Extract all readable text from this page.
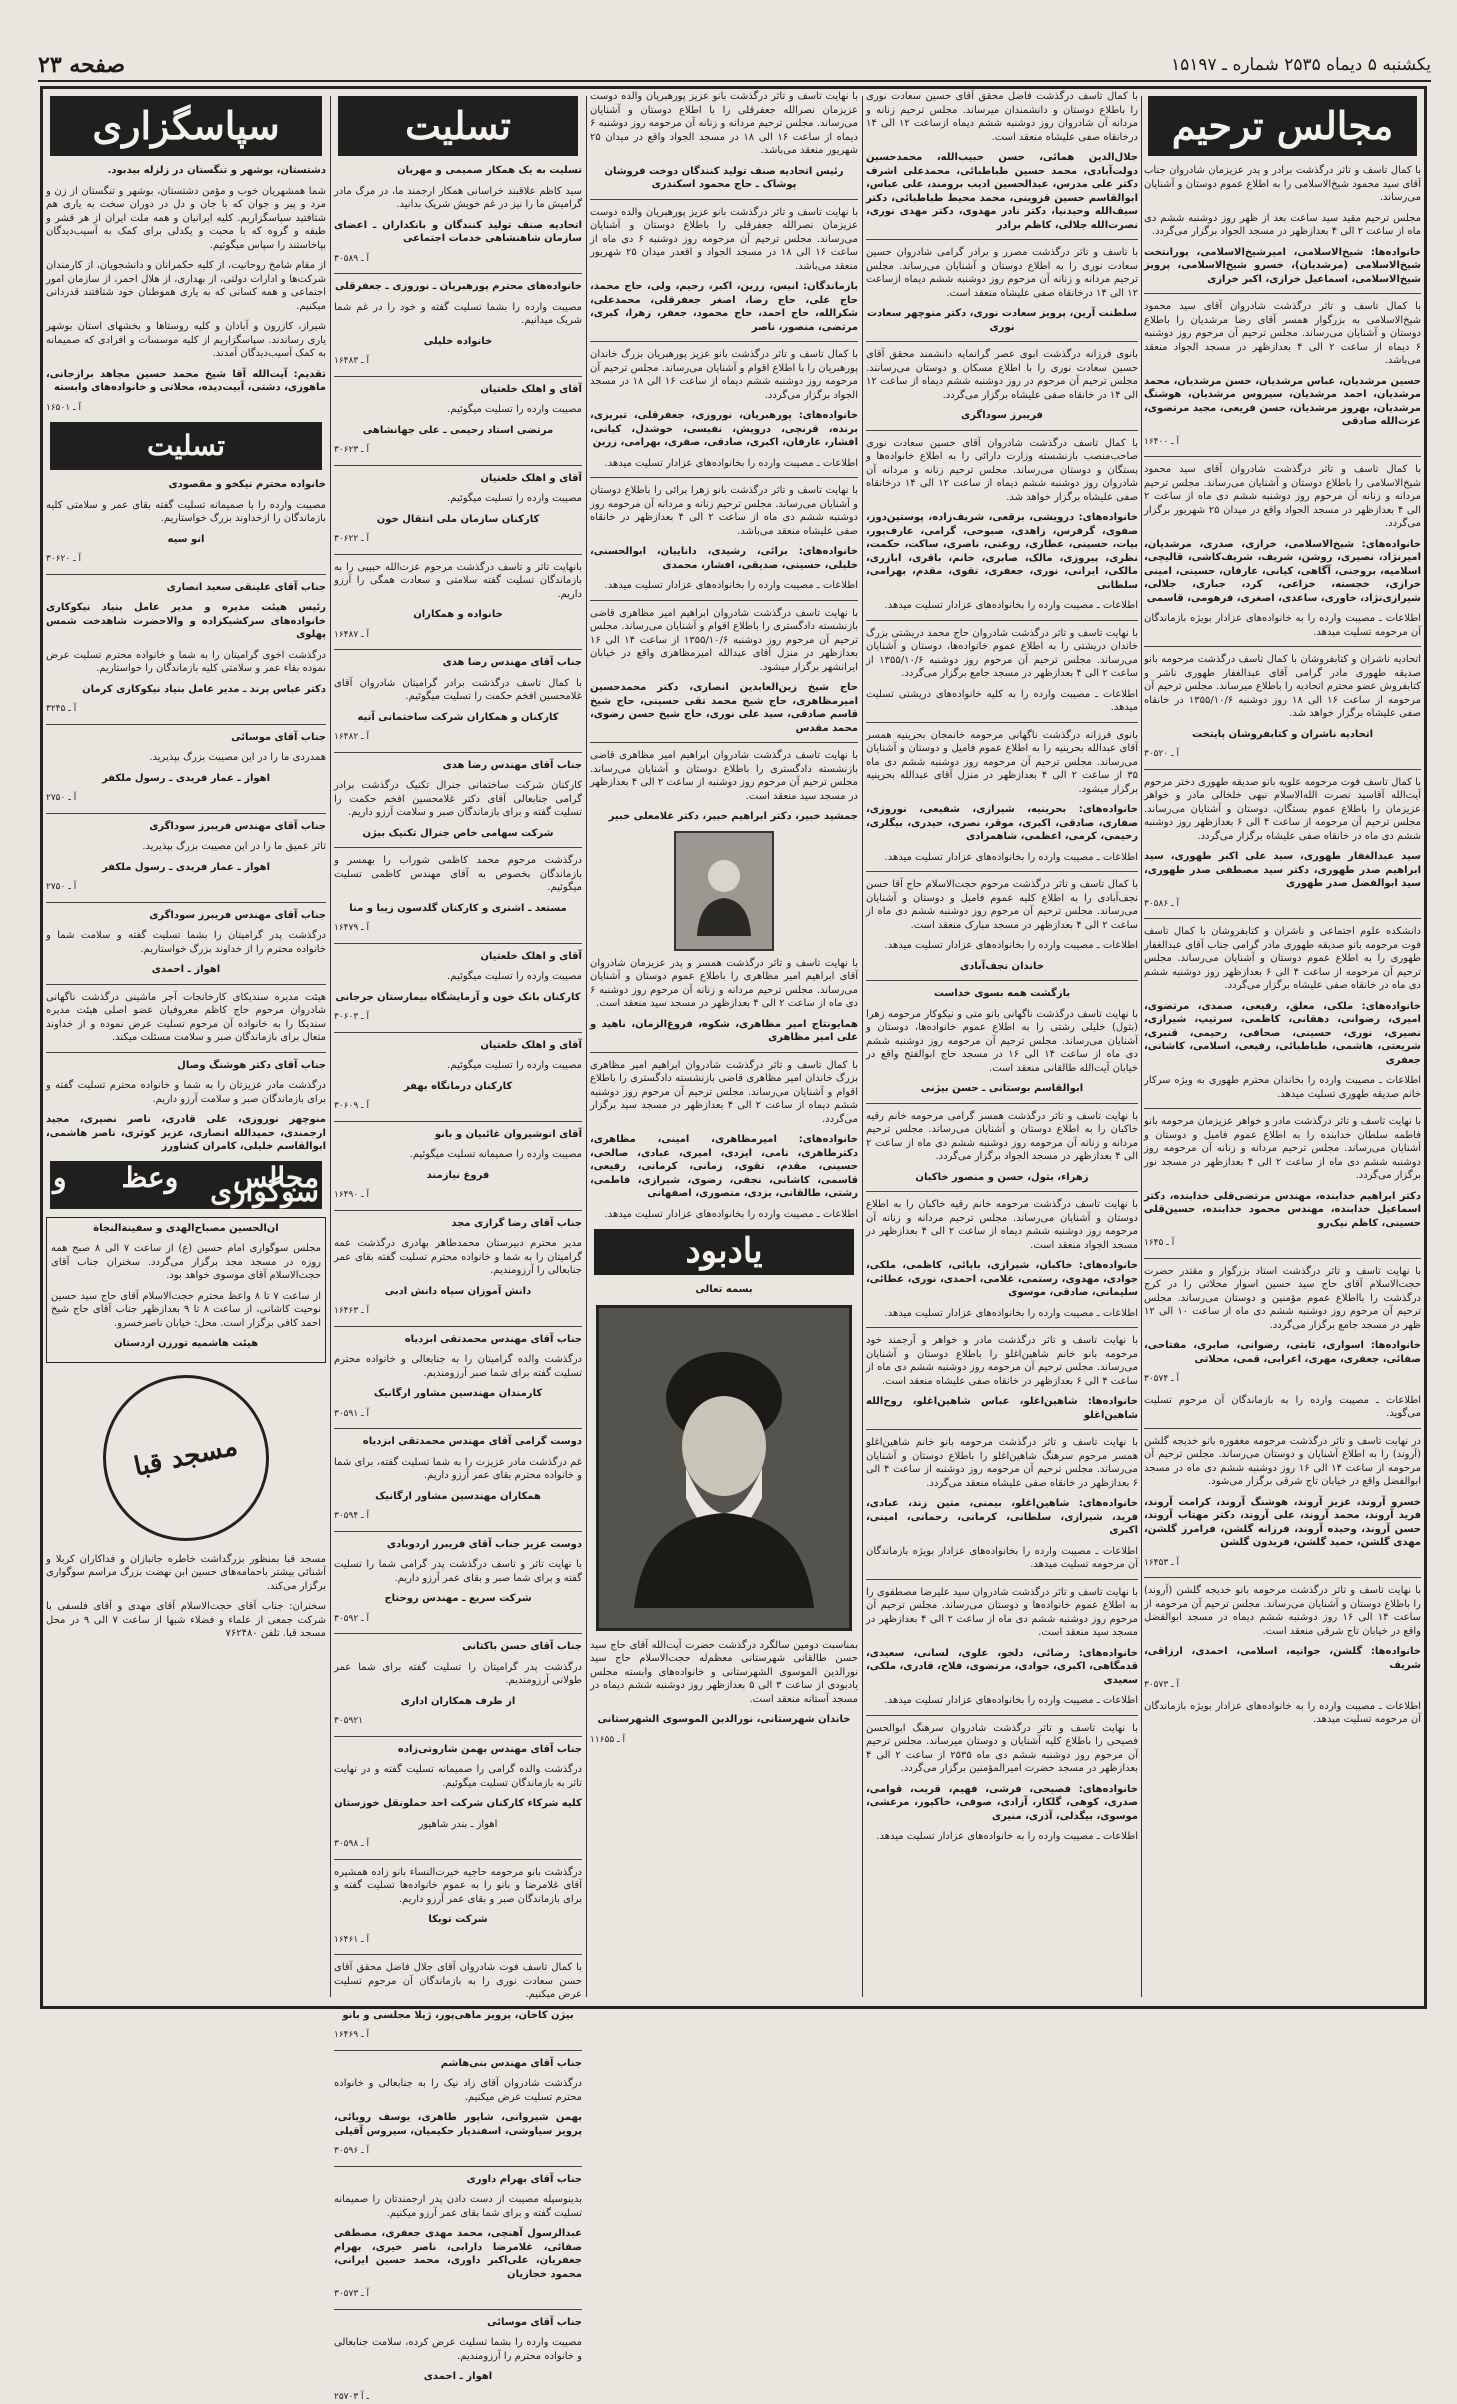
صفحه ۲۳	یکشنبه ۵ دیماه ۲۵۳۵ شماره ـ ۱۵۱۹۷
مجالس ترحیم

با کمال تاسف و تاثر درگذشت برادر و پدر عزیزمان شادروان جناب آقای سید محمود شیخ‌الاسلامی را به اطلاع عموم دوستان و آشنایان می‌رساند.

مجلس ترحیم مقید سید ساعت بعد از ظهر روز دوشنبه ششم دی ماه از ساعت ۲ الی ۴ بعدازظهر در مسجد الجواد برگزار می‌گردد.

خانواده‌ها: شیخ‌الاسلامی، امیرشیخ‌الاسلامی، پورانتخت شیخ‌الاسلامی (مرشدیان)، خسرو شیخ‌الاسلامی، پرویز شیخ‌الاسلامی، اسماعیل خرازی، اکبر خرازی

با کمال تاسف و تاثر درگذشت شادروان آقای سید محمود شیخ‌الاسلامی به بزرگوار همسر آقای رضا مرشدیان را باطلاع دوستان و آشنایان می‌رساند. مجلس ترحیم آن مرحوم روز دوشنبه ۶ دیماه از ساعت ۲ الی ۴ بعدازظهر در مسجد الجواد منعقد می‌باشد.

حسین مرشدیان، عباس مرشدیان، حسن مرشدیان، محمد مرشدیان، احمد مرشدیان، سیروس مرشدیان، هوشنگ مرشدیان، بهروز مرشدیان، حسن فریعی، مجید مرتضوی، عزت‌الله صادقی

آ ـ ۱۶۴۰۰

با کمال تاسف و تاثر درگذشت شادروان آقای سید محمود شیخ‌الاسلامی را باطلاع دوستان و آشنایان می‌رساند. مجلس ترحیم مردانه و زنانه آن مرحوم روز دوشنبه ششم دی ماه از ساعت ۲ الی ۴ بعدازظهر در مسجد الجواد واقع در میدان ۲۵ شهریور برگزار می‌گردد.

خانواده‌های: شیخ‌الاسلامی، خرازی، صدری، مرشدیان، امیرنژاد، نصیری، روشن، شریف، شریف‌کاشی، قالیچی، اسلامیه، بروجنی، آگاهی، کیانی، عارفان، حسینی، امینی خرازی، خجسته، خزاعی، کرد، جباری، جلالی، شیرازی‌نژاد، خاوری، ساعدی، اصغری، فرهومی، قاسمی

اطلاعات ـ مصیبت وارده را به خانواده‌های عزادار بویژه بازماندگان آن مرحومه تسلیت میدهد.

اتحادیه ناشران و کتابفروشان با کمال تاسف درگذشت مرحومه بانو صدیقه طهوری مادر گرامی آقای عبدالغفار طهوری ناشر و کتابفروش عضو محترم اتحادیه را باطلاع میرساند. مجلس ترحیم آن مرحومه از ساعت ۱۶ الی ۱۸ روز دوشنبه ۱۳۵۵/۱۰/۶ در خانقاه صفی علیشاه برگزار خواهد شد.

اتحادیه ناشران و کتابفروشان پایتخت

آ ـ ۳۰۵۲۰

با کمال تاسف فوت مرحومه علویه بانو صدیقه طهوری دختر مرحوم آیت‌الله آقاسید نصرت الله‌الاسلام نبهی خلخالی مادر و خواهر عزیزمان را باطلاع عموم بستگان، دوستان و آشنایان می‌رساند. مجلس ترحیم آن مرحومه از ساعت ۴ الی ۶ بعدازظهر روز دوشنبه ششم دی ماه در خانقاه صفی علیشاه برگزار می‌گردد.

سید عبدالغفار طهوری، سید علی اکبر طهوری، سید ابراهیم صدر طهوری، دکتر سید مصطفی صدر طهوری، سید ابوالفضل صدر طهوری

آ ـ ۳۰۵۸۶

دانشکده علوم اجتماعی و ناشران و کتابفروشان با کمال تاسف فوت مرحومه بانو صدیقه طهوری مادر گرامی جناب آقای عبدالغفار طهوری را به اطلاع عموم دوستان و آشنایان می‌رساند. مجلس ترحیم آن مرحومه از ساعت ۴ الی ۶ بعدازظهر روز دوشنبه ششم دی ماه در خانقاه صفی علیشاه برگزار می‌گردد.

خانواده‌های: ملکی، معلق، رفیعی، صمدی، مرتضوی، امیری، رضوانی، دهقانی، کاظمی، سرتیپ، شیرازی، نصیری، نوری، حسینی، صحافی، رحیمی، قنبری، شریعتی، هاشمی، طباطبائی، رفیعی، اسلامی، کاشانی، جعفری

اطلاعات ـ مصیبت وارده را بخاندان محترم طهوری به ویژه سرکار خانم صدیقه طهوری تسلیت میدهد.

با نهایت تاسف و تاثر درگذشت مادر و خواهر عزیزمان مرحومه بانو فاطمه سلطان خدابنده را به اطلاع عموم فامیل و دوستان و آشنایان می‌رساند. مجلس ترحیم مردانه و زنانه آن مرحومه روز دوشنبه ششم دی ماه از ساعت ۲ الی ۴ بعدازظهر در مسجد نور برگزار می‌گردد.

دکتر ابراهیم خدابنده، مهندس مرتضی‌قلی خدابنده، دکتر اسماعیل خدابنده، مهندس محمود خدابنده، حسین‌قلی حسینی، کاظم نیک‌رو

آ ـ ۱۶۴۵

با نهایت تاسف و تاثر درگذشت استاد بزرگوار و مقتدر حضرت حجت‌الاسلام آقای حاج سید حسین اسوار محلاتی را در کرج درگذشت را بااطلاع عموم مؤمنین و دوستان می‌رساند. مجلس ترحیم آن مرحوم روز دوشنبه ششم دی ماه از ساعت ۱۰ الی ۱۲ ظهر در مسجد جامع برگزار می‌گردد.

خانواده‌ها: اسواری، ثابتی، رضوانی، صابری، مفتاحی، صفائی، جعفری، مهری، اعرابی، قمی، محلاتی

آ ـ ۳۰۵۷۴

اطلاعات ـ مصیبت وارده را به بازماندگان آن مرحوم تسلیت می‌گوید.

در نهایت تاسف و تاثر درگذشت مرحومه مغفوره بانو خدیجه گلشن (آروند) را به اطلاع آشنایان و دوستان می‌رساند. مجلس ترحیم آن مرحومه از ساعت ۱۴ الی ۱۶ روز دوشنبه ششم دی ماه در مسجد ابوالفضل واقع در خیابان تاج شرقی برگزار می‌شود.

خسرو آروند، عزیز آروند، هوشنگ آروند، کرامت آروند، فرید آروند، محمد آروند، علی آروند، دکتر مهتاب آروند، حسن آروند، وحیده آروند، فرزانه گلشن، فرامرز گلشن، مهدی گلشن، حمید گلشن، فریدون گلشن

آ ـ ۱۶۴۵۳

با نهایت تاسف و تاثر درگذشت مرحومه بانو خدیجه گلشن (آروند) را باطلاع دوستان و آشنایان می‌رساند. مجلس ترحیم آن مرحومه از ساعت ۱۴ الی ۱۶ روز دوشنبه ششم دیماه در مسجد ابوالفضل واقع در خیابان تاج شرقی منعقد است.

خانواده‌ها: گلشن، جوانیه، اسلامی، احمدی، ارزاقی، شریف

آ ـ ۳۰۵۷۳

اطلاعات ـ مصیبت وارده را به خانواده‌های عزادار بویژه بازماندگان آن مرحومه تسلیت میدهد.

با کمال تاسف درگذشت فاضل محقق آقای حسین سعادت نوری را باطلاع دوستان و دانشمندان میرساند. مجلس ترحیم زنانه و مردانه آن شادروان روز دوشنبه ششم دیماه ازساعت ۱۲ الی ۱۴ درخانقاه صفی علیشاه منعقد است.

جلال‌الدین همائی، حسن حبیب‌الله، محمدحسین دولت‌آبادی، محمد حسین طباطبائی، محمدعلی اشرف دکتر علی مدرس، عبدالحسین ادیب برومند، علی عباس، ابوالقاسم حسین قزوینی، محمد محیط طباطبائی، دکتر سیف‌الله وحیدنیا، دکتر نادر مهدوی، دکتر مهدی نوری، نصرت‌الله جلالی، کاظم برادر

با تاسف و تاثر درگذشت مصرر و برادر گرامی شادروان حسین سعادت نوری را به اطلاع دوستان و آشنایان می‌رساند. مجلس ترحیم مردانه و زنانه آن مرحوم روز دوشنبه ششم دیماه ازساعت ۱۲ الی ۱۴ درخانقاه صفی علیشاه منعقد است.

سلطنت آرین، پرویز سعادت نوری، دکتر منوچهر سعادت نوری

بانوی فرزانه درگذشت ابوی عصر گرانمایه دانشمند محقق آقای حسین سعادت نوری را با اطلاع مسکان و دوستان می‌رسانند. مجلس ترحیم آن مرحوم در روز دوشنبه ششم دیماه از ساعت ۱۲ الی ۱۴ در خانقاه صفی علیشاه برگزار می‌گردد.

فریبرز سوداگری

با کمال تاسف درگذشت شادروان آقای حسین سعادت نوری صاحب‌منصب بازنشسته وزارت دارائی را به اطلاع خانواده‌ها و بستگان و دوستان می‌رساند. مجلس ترحیم زنانه و مردانه آن شادروان روز دوشنبه ششم دیماه از ساعت ۱۲ الی ۱۴ درخانقاه صفی علیشاه برگزار خواهد شد.

خانواده‌های: درویشی، برقعی، شریف‌زاده، پوستین‌دوز، صفوی، گرفرس، زاهدی، صبوحی، گرامی، عارف‌پور، بیات، حسینی، عطاری، روغنی، ناصری، ساکت، حکمت، نظری، پیروزی، مالک، صابری، خانم، باقری، ابازری، مالکی، ایرانی، نوری، جعفری، تقوی، مقدم، بهرامی، سلطانی

اطلاعات ـ مصیبت وارده را بخانواده‌های عزادار تسلیت میدهد.

با نهایت تاسف و تاثر درگذشت شادروان حاج محمد دریشتی بزرگ خاندان دریشتی را به اطلاع عموم خانواده‌ها، دوستان و آشنایان می‌رساند. مجلس ترحیم آن مرحوم روز دوشنبه ۱۳۵۵/۱۰/۶ از ساعت ۲ الی ۴ بعدازظهر در مسجد جامع برگزار می‌گردد.

اطلاعات ـ مصیبت وارده را به کلیه خانواده‌های دریشتی تسلیت میدهد.

بانوی فرزانه درگذشت ناگهانی مرحومه خانمجان بحرینیه همسر آقای عبدالله بحرینیه را به اطلاع عموم فامیل و دوستان و آشنایان می‌رساند. مجلس ترحیم آن مرحومه روز دوشنبه ششم دی ماه ۳۵ از ساعت ۲ الی ۴ بعدازظهر در منزل آقای عبدالله بحرینیه برگزار میشود.

خانواده‌های: بحرینیه، شیرازی، شفیعی، نوروزی، صفاری، صادقی، اکبری، موقر، نصری، حیدری، بیگلری، رحیمی، کرمی، اعظمی، شاهمرادی

اطلاعات ـ مصیبت وارده را بخانواده‌های عزادار تسلیت میدهد.

با کمال تاسف و تاثر درگذشت مرحوم حجت‌الاسلام حاج آقا حسن نجف‌آبادی را به اطلاع کلیه عموم فامیل و دوستان و آشنایان می‌رساند. مجلس ترحیم آن مرحوم روز دوشنبه ششم دی ماه از ساعت ۲ الی ۴ بعدازظهر در مسجد مبارک منعقد است.

اطلاعات ـ مصیبت وارده را بخانواده‌های عزادار تسلیت میدهد.

خاندان نجف‌آبادی

بازگشت همه بسوی خداست

با نهایت تاسف درگذشت ناگهانی بانو متی و نیکوکار مرحومه زهرا (بتول) خلیلی رشتی را به اطلاع عموم خانواده‌ها، دوستان و آشنایان می‌رساند. مجلس ترحیم آن مرحومه روز دوشنبه ششم دی ماه از ساعت ۱۴ الی ۱۶ در مسجد حاج ابوالفتح واقع در خیابان آیت‌الله طالقانی منعقد است.

ابوالقاسم بوستانی ـ حسن بیژنی

با نهایت تاسف و تاثر درگذشت همسر گرامی مرحومه خانم رقیه خاکبان را به اطلاع دوستان و آشنایان می‌رساند. مجلس ترحیم مردانه و زنانه آن مرحومه روز دوشنبه ششم دی ماه از ساعت ۲ الی ۴ بعدازظهر در مسجد الجواد برگزار می‌گردد.

زهراء، بتول، حسن و منصور خاکبان

با نهایت تاسف درگذشت مرحومه خانم رقیه خاکبان را به اطلاع دوستان و آشنایان می‌رساند. مجلس ترحیم مردانه و زنانه آن مرحومه روز دوشنبه ششم دیماه از ساعت ۲ الی ۴ بعدازظهر در مسجد الجواد منعقد است.

خانواده‌های: خاکبان، شیرازی، بابائی، کاظمی، ملکی، جوادی، مهدوی، رستمی، غلامی، احمدی، نوری، عطائی، سلیمانی، صادقی، موسوی

اطلاعات ـ مصیبت وارده را بخانواده‌های عزادار تسلیت میدهد.

با نهایت تاسف و تاثر درگذشت مادر و خواهر و آرجمند خود مرحومه بانو خانم شاهین‌اغلو را باطلاع دوستان و آشنایان می‌رساند. مجلس ترحیم آن مرحومه روز دوشنبه ششم دی ماه از ساعت ۴ الی ۶ بعدازظهر در خانقاه صفی علیشاه منعقد است.

خانواده‌ها: شاهین‌اغلو، عباس شاهین‌اغلو، روح‌الله شاهین‌اغلو

با نهایت تاسف و تاثر درگذشت مرحومه بانو خانم شاهین‌اغلو همسر مرحوم سرهنگ شاهین‌اغلو را باطلاع دوستان و آشنایان می‌رساند. مجلس ترحیم آن مرحومه روز دوشنبه از ساعت ۴ الی ۶ بعدازظهر در خانقاه صفی علیشاه منعقد می‌گردد.

خانواده‌های: شاهین‌اغلو، بیمنی، متین زند، عبادی، فرید، شیرازی، سلطانی، کرمانی، رحمانی، امینی، اکبری

اطلاعات ـ مصیبت وارده را بخانواده‌های عزادار بویژه بازماندگان آن مرحومه تسلیت میدهد.

با نهایت تاسف و تاثر درگذشت شادروان سید علیرضا مصطفوی را به اطلاع عموم خانواده‌ها و دوستان می‌رساند. مجلس ترحیم آن مرحوم روز دوشنبه ششم دی ماه از ساعت ۲ الی ۴ بعدازظهر در مسجد سید منعقد است.

خانواده‌های: رضائی، دلجو، علوی، لسانی، سعیدی، قدمگاهی، اکبری، جوادی، مرتضوی، فلاح، قادری، ملکی، سعیدی

اطلاعات ـ مصیبت وارده را بخانواده‌های عزادار تسلیت میدهد.

با نهایت تاسف و تاثر درگذشت شادروان سرهنگ ابوالحسن فصیحی را باطلاع کلیه آشنایان و دوستان میرساند. مجلس ترحیم آن مرحوم روز دوشنبه ششم دی ماه ۲۵۳۵ از ساعت ۲ الی ۴ بعدازظهر در مسجد حضرت امیرالمؤمنین برگزار می‌گردد.

خانواده‌های: فصیحی، فرشی، فهیم، قریب، قوامی، صدری، کوهی، گلکار، آزادی، صوفی، خاکپور، مرعشی، موسوی، بیگدلی، آذری، منیری

اطلاعات ـ مصیبت وارده را به خانواده‌های عزادار تسلیت میدهد.

با نهایت تاسف و تاثر درگذشت بانو عزیز پورهبریان والده دوست عزیزمان نصرالله جعفرقلی را با اطلاع دوستان و آشنایان می‌رساند. مجلس ترحیم مردانه و زنانه آن مرحومه روز دوشنبه ۶ دیماه از ساعت ۱۶ الی ۱۸ در مسجد الجواد واقع در میدان ۲۵ شهریور منعقد می‌باشد.

رئیس اتحادیه صنف تولید کنندگان دوخت فروشان پوشاک ـ حاج محمود اسکندری

با نهایت تاسف و تاثر درگذشت بانو عزیز پورهبریان والده دوست عزیزمان نصرالله جعفرقلی را باطلاع دوستان و آشنایان می‌رساند. مجلس ترحیم آن مرحومه روز دوشنبه ۶ دی ماه از ساعت ۱۶ الی ۱۸ در مسجد الجواد و اقعدر میدان ۲۵ شهریور منعقد می‌باشد.

بازماندگان: انیس، زرین، اکبر، رحیم، ولی، حاج محمد، حاج علی، حاج رضا، اصغر جعفرقلی، محمدعلی، شکرالله، حاج احمد، حاج محمود، جعفر، زهرا، کبری، مرتضی، منصور، ناصر

با کمال تاسف و تاثر درگذشت بانو عزیز پورهبریان بزرگ خاندان پورهبریان را با اطلاع اقوام و آشنایان می‌رساند. مجلس ترحیم آن مرحومه روز دوشنبه ششم دیماه از ساعت ۱۶ الی ۱۸ در مسجد الجواد برگزار می‌گردد.

خانواده‌های: پورهبریان، نوروزی، جعفرقلی، تبریزی، برنده، قرنچی، درویش، نفیسی، خوشدل، کیانی، افشار، عارفان، اکبری، صادقی، صفری، بهرامی، زرین

اطلاعات ـ مصیبت وارده را بخانواده‌های عزادار تسلیت میدهد.

با نهایت تاسف و تاثر درگذشت بانو زهرا برائی را باطلاع دوستان و آشنایان می‌رساند. مجلس ترحیم زنانه و مردانه آن مرحومه روز دوشنبه ششم دی ماه از ساعت ۲ الی ۴ بعدازظهر در خانقاه صفی علیشاه منعقد می‌باشد.

خانواده‌های: برائی، رشیدی، داناییان، ابوالحسنی، خلیلی، حسینی، صدیقی، افشار، محمدی

اطلاعات ـ مصیبت وارده را بخانواده‌های عزادار تسلیت میدهد.

با نهایت تاسف درگذشت شادروان ابراهیم امیر مظاهری قاضی بازنشسته دادگستری را باطلاع اقوام و آشنایان می‌رساند. مجلس ترحیم آن مرحوم روز دوشنبه ۱۳۵۵/۱۰/۶ از ساعت ۱۴ الی ۱۶ بعدازظهر در منزل آقای عبدالله امیرمظاهری واقع در خیابان ایرانشهر برگزار میشود.

حاج شیخ زین‌العابدین انصاری، دکتر محمدحسین امیرمظاهری، حاج شیخ محمد تقی حسینی، حاج شیخ قاسم صادقی، سید علی نوری، حاج شیخ حسن رضوی، محمد مقدس

با نهایت تاسف درگذشت شادروان ابراهیم امیر مظاهری قاضی بازنشسته دادگستری را باطلاع دوستان و آشنایان می‌رساند. مجلس ترحیم آن مرحوم روز دوشنبه از ساعت ۲ الی ۴ بعدازظهر در مسجد سید منعقد است.

جمشید خبیر، دکتر ابراهیم خبیر، دکتر غلامعلی خبیر

با نهایت تاسف و تاثر درگذشت همسر و پدر عزیزمان شادروان آقای ابراهیم امیر مظاهری را باطلاع عموم دوستان و آشنایان می‌رساند. مجلس ترحیم مردانه و زنانه آن مرحوم روز دوشنبه ۶ دی ماه از ساعت ۲ الی ۴ بعدازظهر در مسجد سید منعقد است.

همایونتاج امیر مظاهری، شکوه، فروغ‌الزمان، ناهید و علی امیر مظاهری

با کمال تاسف و تاثر درگذشت شادروان ابراهیم امیر مظاهری بزرگ خاندان امیر مظاهری قاضی بازنشسته دادگستری را باطلاع اقوام و آشنایان می‌رساند. مجلس ترحیم آن مرحوم روز دوشنبه ششم دیماه از ساعت ۲ الی ۴ بعدازظهر در مسجد سید برگزار می‌گردد.

خانواده‌های: امیرمظاهری، امینی، مظاهری، دکترطاهری، نامی، ایزدی، امیری، عبادی، صالحی، حسینی، مقدم، تقوی، زمانی، کرمانی، رفیعی، قاسمی، کاشانی، نجفی، رضوی، شیرازی، فاطمی، رشتی، طالقانی، یزدی، منصوری، اصفهانی

اطلاعات ـ مصیبت وارده را بخانواده‌های عزادار تسلیت میدهد.

یادبود

بسمه تعالی

بمناسبت دومین سالگرد درگذشت حضرت آیت‌الله آقای حاج سید حسن طالقانی شهرستانی معظم‌له حجت‌الاسلام حاج سید نورالدین الموسوی الشهرستانی و خانواده‌های وابسته مجلس یادبودی از ساعت ۳ الی ۵ بعدازظهر روز دوشنبه ششم دیماه در مسجد آستانه منعقد است.

خاندان شهرستانی، نورالدین الموسوی الشهرستانی

آ ـ ۱۱۶۵۵

تسلیت

تسلیت به یک همکار صمیمی و مهربان

سید کاظم علاقبند خراسانی همکار ارجمند ما، در مرگ مادر گرامیش ما را نیز در غم خویش شریک بدانید.

اتحادیه صنف تولید کنندگان و بانکداران ـ اعضای سازمان شاهنشاهی خدمات اجتماعی

آ ـ ۳۰۵۸۹

خانواده‌های محترم پورهبریان ـ نوروزی ـ جعفرقلی

مصیبت وارده را بشما تسلیت گفته و خود را در غم شما شریک میدانیم.

خانواده خلیلی

آ ـ ۱۶۴۸۳

آقای و اهلک خلعتیان

مصیبت وارده را تسلیت میگوئیم.

مرتضی استاد رحیمی ـ علی جهانشاهی

آ ـ ۳۰۶۲۳

آقای و اهلک خلعتیان

مصیبت وارده را تسلیت میگوئیم.

کارکنان سازمان ملی انتقال خون

آ ـ ۳۰۶۲۲

بانهایت تاثر و تاسف درگذشت مرحوم عزت‌الله حبیبی را به بازماندگان تسلیت گفته سلامتی و سعادت همگی را آرزو داریم.

خانواده و همکاران

آ ـ ۱۶۴۸۷

جناب آقای مهندس رضا هدی

با کمال تاسف درگذشت برادر گرامیتان شادروان آقای غلامحسین افخم حکمت را تسلیت میگوئیم.

کارکنان و همکاران شرکت ساختمانی آتیه

آ ـ ۱۶۴۸۲

جناب آقای مهندس رضا هدی

کارکنان شرکت ساختمانی جنرال تکنیک درگذشت برادر گرامی جنابعالی آقای دکتر غلامحسین افخم حکمت را تسلیت گفته و برای بازماندگان صبر و سلامت آرزو داریم.

شرکت سهامی خاص جنرال تکنیک بیژن

درگذشت مرحوم محمد کاظمی شوراب را بهمسر و بازماندگان بخصوص به آقای مهندس کاظمی تسلیت میگوئیم.

مستعد ـ اشتری و کارکنان گلدسون زیبا و منا

آ ـ ۱۶۴۷۹

آقای و اهلک خلعتیان

مصیبت وارده را تسلیت میگوئیم.

کارکنان بانک خون و آزمایشگاه بیمارستان جرجانی

آ ـ ۳۰۶۰۳

آقای و اهلک خلعتیان

مصیبت وارده را تسلیت میگوئیم.

کارکنان درمانگاه بهفر

آ ـ ۳۰۶۰۹

آقای انوشیروان غائبیان و بانو

مصیبت وارده را صمیمانه تسلیت میگوئیم.

فروغ نیازمند

آ ـ ۱۶۴۹۰

جناب آقای رضا گرازی مجد

مدیر محترم دبیرستان محمدطاهر بهادری درگذشت عمه گرامیتان را به شما و خانواده محترم تسلیت گفته بقای عمر جنابعالی را آرزومندیم.

دانش آموزان سپاه دانش ادبی

آ ـ ۱۶۴۶۳

جناب آقای مهندس محمدتقی ابزدیاه

درگذشت والده گرامیتان را به جنابعالی و خانواده محترم تسلیت گفته برای شما صبر آرزومندیم.

کارمندان مهندسین مشاور ارگانیک

آ ـ ۳۰۵۹۱

دوست گرامی آقای مهندس محمدتقی ابزدیاه

غم درگذشت مادر عزیزت را به شما تسلیت گفته، برای شما و خانواده محترم بقای عمر آرزو داریم.

همکاران مهندسین مشاور ارگانیک

آ ـ ۳۰۵۹۴

دوست عزیز جناب آقای فریبرز اردوبادی

با نهایت تاثر و تاسف درگذشت پدر گرامی شما را تسلیت گفته و برای شما صبر و بقای عمر آرزو داریم.

شرکت سریع ـ مهندس روحتاج

آ ـ ۳۰۵۹۲

جناب آقای حسن باکتانی

درگذشت پدر گرامیتان را تسلیت گفته برای شما عمر طولانی آرزومندیم.

از طرف همکاران اداری

۳۰۵۹۲۱

جناب آقای مهندس بهمن شاروتی‌زاده

درگذشت والده گرامی را صمیمانه تسلیت گفته و در نهایت تاثر به بازماندگان تسلیت میگوئیم.

کلیه شرکاء کارکنان شرکت احد حملونقل خوزستان

اهواز ـ بندر شاهپور

آ ـ ۳۰۵۹۸

درگذشت بانو مرحومه حاجیه خیرت‌النساء بانو زاده همشیره آقای غلامرضا و بانو را به عموم خانواده‌ها تسلیت گفته و برای بازماندگان صبر و بقای عمر آرزو داریم.

شرکت تویکا

آ ـ ۱۶۴۶۱

با کمال تاسف فوت شادروان آقای جلال فاضل محقق آقای حسن سعادت نوری را به بازماندگان آن مرحوم تسلیت عرض میکنیم.

بیژن کاخان، پرویز ماهی‌پور، ژیلا مجلسی و بانو

آ ـ ۱۶۴۶۹

جناب آقای مهندس بنی‌هاشم

درگذشت شادروان آقای زاد نیک را به جنابعالی و خانواده محترم تسلیت عرض میکنیم.

بهمن شیروانی، شاپور طاهری، یوسف رویائی، پرویز سیاوشی، اسفندیار حکیمیان، سیروس آقیلی

آ ـ ۳۰۵۹۶

جناب آقای بهرام داوری

بدینوسیله مصیبت از دست دادن پدر ارجمندتان را صمیمانه تسلیت گفته و برای شما بقای عمر آرزو میکنیم.

عبدالرسول آهنچی، محمد مهدی جعفری، مصطفی صفائی، غلامرضا دارابی، ناصر خیری، بهرام جعفریان، علی‌اکبر داوری، محمد حسین ایرانی، محمود خجازیان

آ ـ ۳۰۵۷۳

جناب آقای موسائی

مصیبت وارده را بشما تسلیت عرض کرده، سلامت جنابعالی و خانواده محترم را آرزومندیم.

اهواز ـ احمدی

۲۵۷۰۳ ـ آ

سپاسگزاری

دشتستان، بوشهر و تنگستان در زلزله بیدبود.

شما همشهریان خوب و مؤمن دشتستان، بوشهر و تنگستان از زن و مرد و پیر و جوان که با جان و دل در دوران سخت به یاری هم شتافتید سپاسگزاریم. کلیه ایرانیان و همه ملت ایران از هر قشر و طبقه و گروه که با محبت و یکدلی برای کمک به آسیب‌دیدگان بپاخاستند را سپاس میگوئیم.

از مقام شامخ روحانیت، از کلیه حکمرانان و دانشجویان، از کارمندان شرکت‌ها و ادارات دولتی، از بهداری، از هلال احمر، از سازمان امور اجتماعی و همه کسانی که به یاری هموطنان خود شتافتند قدردانی میکنیم.

شیراز، کازرون و آبادان و کلیه روستاها و بخشهای استان بوشهر یاری رساندند. سپاسگزاریم از کلیه موسسات و افرادی که صمیمانه به کمک آسیب‌دیدگان آمدند.

تقدیم: آیت‌الله آقا شیخ محمد حسین مجاهد برازجانی، ماهوزی، دشتی، آبیت‌دیده، محلاتی و خانواده‌های وابسته

آ ـ ۱۶۵۰۱

تسلیت

خانواده محترم نیکخو و مقصودی

مصیبت وارده را با صمیمانه تسلیت گفته بقای عمر و سلامتی کلیه بازماندگان را ازخداوند بزرگ خواستاریم.

انو سیه

آ ـ ۳۰۶۲۰

جناب آقای علینقی سعید انصاری

رئیس هیئت مدیره و مدیر عامل بنیاد نیکوکاری خانواده‌های سرکشیکزاده و والاحضرت شاهدخت شمس پهلوی

درگذشت اخوی گرامیتان را به شما و خانواده محترم تسلیت عرض نموده بقاء عمر و سلامتی کلیه بازماندگان را خواستاریم.

دکتر عباس پرند ـ مدیر عامل بنیاد نیکوکاری کرمان

آ ـ ۳۲۴۵

جناب آقای موسائی

همدردی ما را در این مصیبت بزرگ بپذیرید.

اهواز ـ عمار فریدی ـ رسول ملکفر

آ ـ ۲۷۵۰

جناب آقای مهندس فریبرز سوداگری

تاثر عمیق ما را در این مصیبت بزرگ بپذیرید.

اهواز ـ عمار فریدی ـ رسول ملکفر

آ ـ ۲۷۵۰

جناب آقای مهندس فریبرز سوداگری

درگذشت پدر گرامیتان را بشما تسلیت گفته و سلامت شما و خانواده محترم را از خداوند بزرگ خواستاریم.

اهواز ـ احمدی

هیئت مدیره سندیکای کارخانجات آجر ماشینی درگذشت ناگهانی شادروان مرحوم حاج کاظم معروفیان عضو اصلی هیئت مدیره سندیکا را به خانواده آن مرحوم تسلیت عرض نموده و از خداوند متعال برای بازماندگان صبر و سلامت مسئلت میکند.

جناب آقای دکتر هوشنگ وصال

درگذشت مادر عزیزتان را به شما و خانواده محترم تسلیت گفته و برای بازماندگان صبر و سلامت آرزو داریم.

منوچهر نوروزی، علی قادری، ناصر نصیری، مجید ارجمندی، حمیدالله انصاری، عزیز کوثری، ناصر هاشمی، ابوالقاسم خلیلی، کامران کشاورز

مجالس وعظ و سوگواری

ان‌الحسین مصباح‌الهدی و سفینة‌النجاة

مجلس سوگواری امام حسین (ع) از ساعت ۷ الی ۸ صبح همه روزه در مسجد مجد برگزار می‌گردد. سخنران جناب آقای حجت‌الاسلام آقای موسوی خواهد بود.

از ساعت ۷ تا ۸ واعظ محترم حجت‌الاسلام آقای حاج سید حسین نوحیت کاشانی، از ساعت ۸ تا ۹ بعدازظهر جناب آقای حاج شیخ احمد کافی برگزار است. محل: خیابان ناصرخسرو.

هیئت هاشمیه تورزن اردستان

مسجد قبا

مسجد قبا بمنظور بزرگداشت خاطره جانبازان و فداکاران کربلا و آشنائی بیشتر باحمامه‌های حسین ابن نهضت بزرگ مراسم سوگواری برگزار می‌کند.

سخنران: جناب آقای حجت‌الاسلام آقای مهدی و آقای فلسفی با شرکت جمعی از علماء و فضلاء شبها از ساعت ۷ الی ۹ در محل مسجد قبا. تلفن ۷۶۲۴۸۰
